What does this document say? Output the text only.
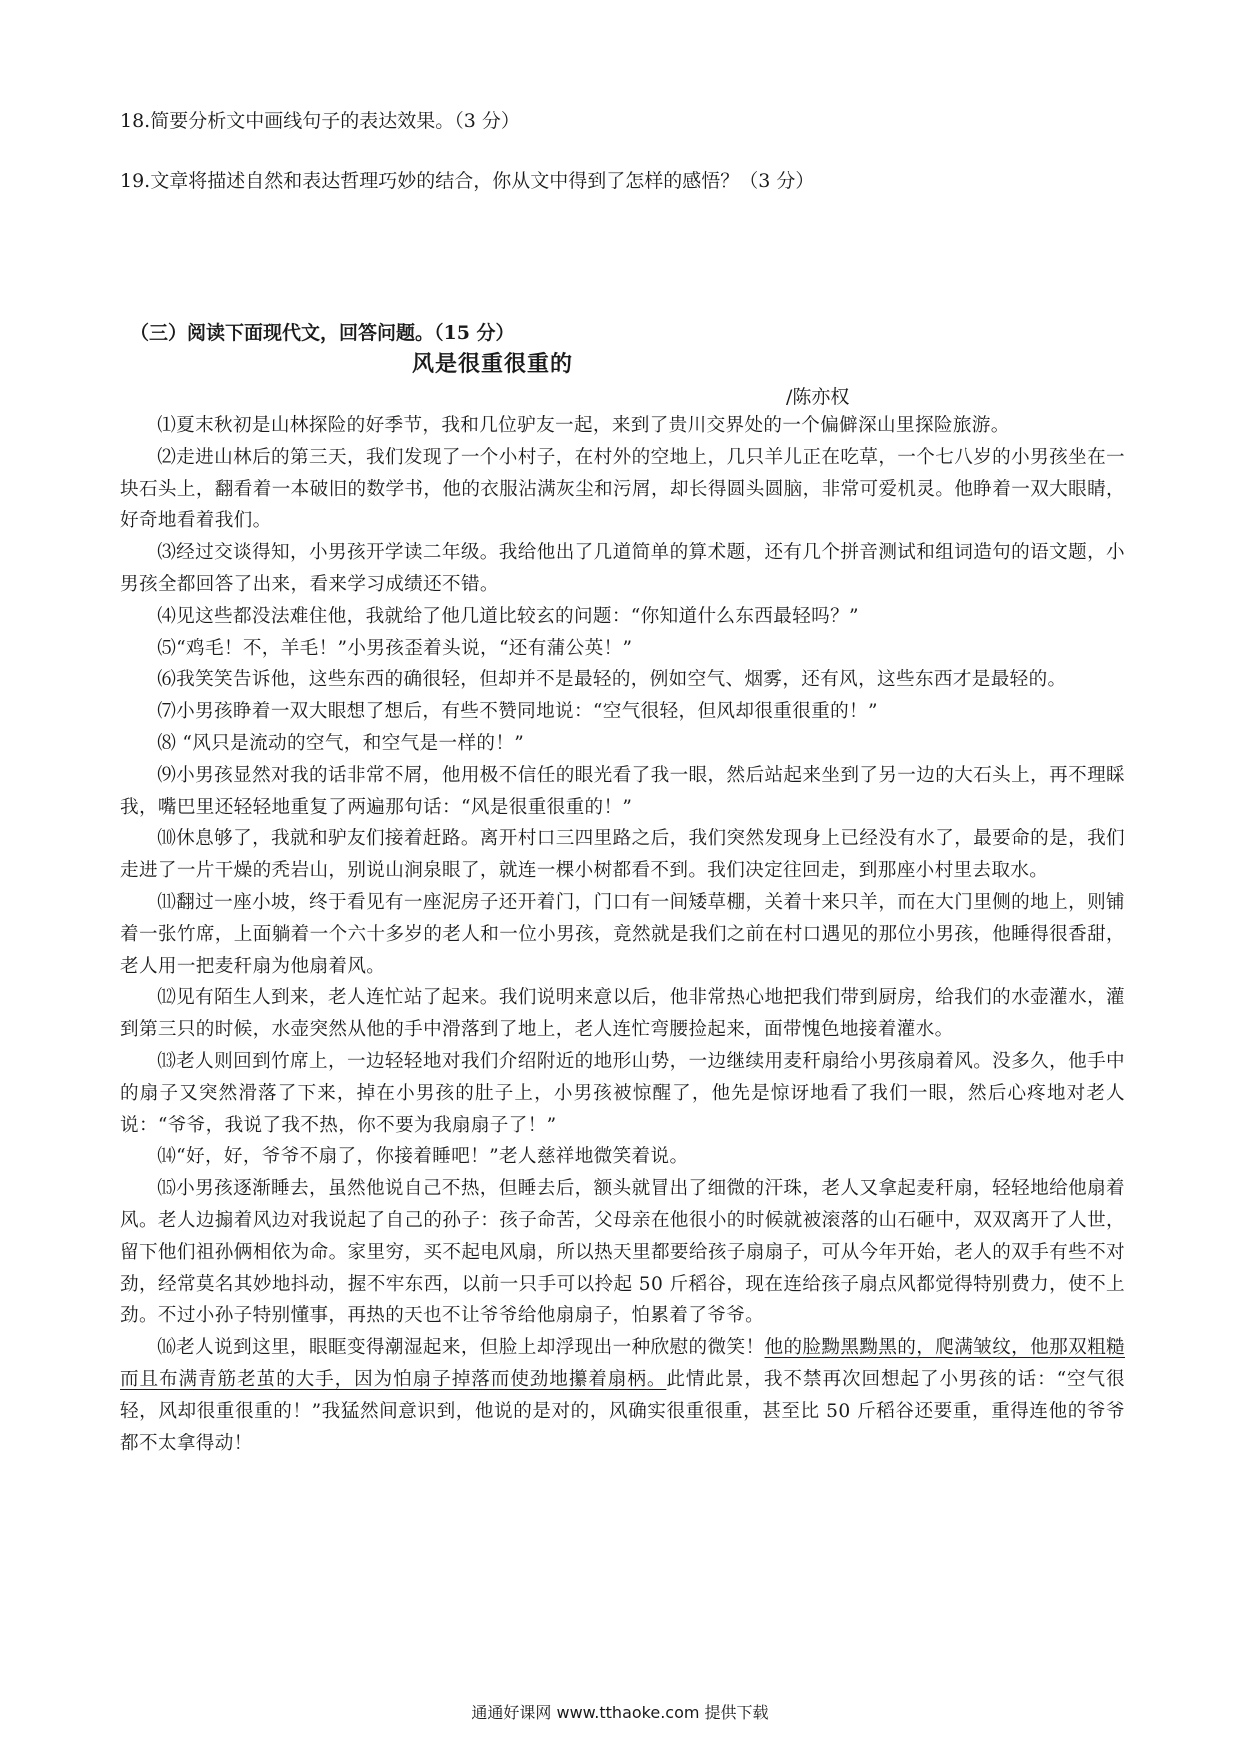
18.简要分析文中画线句子的表达效果。（3 分）
19.文章将描述自然和表达哲理巧妙的结合，你从文中得到了怎样的感悟？（3 分）
（三）阅读下面现代文，回答问题。（15 分）
风是很重很重的
/陈亦权

⑴夏末秋初是山林探险的好季节，我和几位驴友一起，来到了贵川交界处的一个偏僻深山里探险旅游。

⑵走进山林后的第三天，我们发现了一个小村子，在村外的空地上，几只羊儿正在吃草，一个七八岁的小男孩坐在一块石头上，翻看着一本破旧的数学书，他的衣服沾满灰尘和污屑，却长得圆头圆脑，非常可爱机灵。他睁着一双大眼睛，好奇地看着我们。

⑶经过交谈得知，小男孩开学读二年级。我给他出了几道简单的算术题，还有几个拼音测试和组词造句的语文题，小男孩全都回答了出来，看来学习成绩还不错。

⑷见这些都没法难住他，我就给了他几道比较玄的问题：“你知道什么东西最轻吗？”

⑸“鸡毛！不，羊毛！”小男孩歪着头说，“还有蒲公英！”

⑹我笑笑告诉他，这些东西的确很轻，但却并不是最轻的，例如空气、烟雾，还有风，这些东西才是最轻的。

⑺小男孩睁着一双大眼想了想后，有些不赞同地说：“空气很轻，但风却很重很重的！”

⑻ “风只是流动的空气，和空气是一样的！”

⑼小男孩显然对我的话非常不屑，他用极不信任的眼光看了我一眼，然后站起来坐到了另一边的大石头上，再不理睬我，嘴巴里还轻轻地重复了两遍那句话：“风是很重很重的！”

⑽休息够了，我就和驴友们接着赶路。离开村口三四里路之后，我们突然发现身上已经没有水了，最要命的是，我们走进了一片干燥的秃岩山，别说山涧泉眼了，就连一棵小树都看不到。我们决定往回走，到那座小村里去取水。

⑾翻过一座小坡，终于看见有一座泥房子还开着门，门口有一间矮草棚，关着十来只羊，而在大门里侧的地上，则铺着一张竹席，上面躺着一个六十多岁的老人和一位小男孩，竟然就是我们之前在村口遇见的那位小男孩，他睡得很香甜，老人用一把麦秆扇为他扇着风。

⑿见有陌生人到来，老人连忙站了起来。我们说明来意以后，他非常热心地把我们带到厨房，给我们的水壶灌水，灌到第三只的时候，水壶突然从他的手中滑落到了地上，老人连忙弯腰捡起来，面带愧色地接着灌水。

⒀老人则回到竹席上，一边轻轻地对我们介绍附近的地形山势，一边继续用麦秆扇给小男孩扇着风。没多久，他手中的扇子又突然滑落了下来，掉在小男孩的肚子上，小男孩被惊醒了，他先是惊讶地看了我们一眼，然后心疼地对老人说：“爷爷，我说了我不热，你不要为我扇扇子了！”

⒁“好，好，爷爷不扇了，你接着睡吧！”老人慈祥地微笑着说。

⒂小男孩逐渐睡去，虽然他说自己不热，但睡去后，额头就冒出了细微的汗珠，老人又拿起麦秆扇，轻轻地给他扇着风。老人边搧着风边对我说起了自己的孙子：孩子命苦，父母亲在他很小的时候就被滚落的山石砸中，双双离开了人世，留下他们祖孙俩相依为命。家里穷，买不起电风扇，所以热天里都要给孩子扇扇子，可从今年开始，老人的双手有些不对劲，经常莫名其妙地抖动，握不牢东西，以前一只手可以拎起 50 斤稻谷，现在连给孩子扇点风都觉得特别费力，使不上劲。不过小孙子特别懂事，再热的天也不让爷爷给他扇扇子，怕累着了爷爷。

⒃老人说到这里，眼眶变得潮湿起来，但脸上却浮现出一种欣慰的微笑！他的脸黝黑黝黑的，爬满皱纹，他那双粗糙而且布满青筋老茧的大手，因为怕扇子掉落而使劲地攥着扇柄。此情此景，我不禁再次回想起了小男孩的话：“空气很轻，风却很重很重的！”我猛然间意识到，他说的是对的，风确实很重很重，甚至比 50 斤稻谷还要重，重得连他的爷爷都不太拿得动！

通通好课网 www.tthaoke.com 提供下载
